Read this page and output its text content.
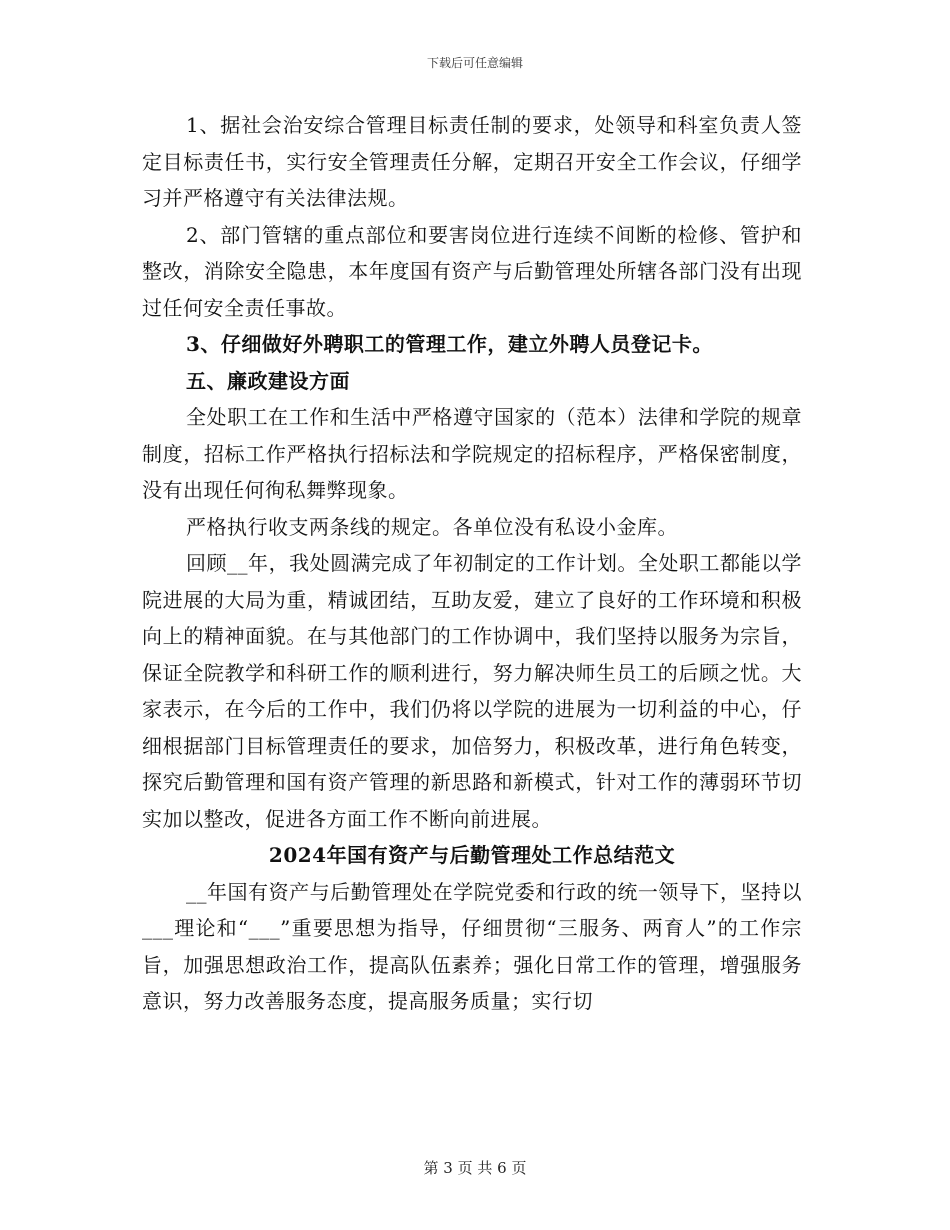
下载后可任意编辑

1、据社会治安综合管理目标责任制的要求，处领导和科室负责人签定目标责任书，实行安全管理责任分解，定期召开安全工作会议，仔细学习并严格遵守有关法律法规。

2、部门管辖的重点部位和要害岗位进行连续不间断的检修、管护和整改，消除安全隐患，本年度国有资产与后勤管理处所辖各部门没有出现过任何安全责任事故。

3、仔细做好外聘职工的管理工作，建立外聘人员登记卡。

五、廉政建设方面

全处职工在工作和生活中严格遵守国家的（范本）法律和学院的规章制度，招标工作严格执行招标法和学院规定的招标程序，严格保密制度，没有出现任何徇私舞弊现象。

严格执行收支两条线的规定。各单位没有私设小金库。

回顾__年，我处圆满完成了年初制定的工作计划。全处职工都能以学院进展的大局为重，精诚团结，互助友爱，建立了良好的工作环境和积极向上的精神面貌。在与其他部门的工作协调中，我们坚持以服务为宗旨，保证全院教学和科研工作的顺利进行，努力解决师生员工的后顾之忧。大家表示，在今后的工作中，我们仍将以学院的进展为一切利益的中心，仔细根据部门目标管理责任的要求，加倍努力，积极改革，进行角色转变，探究后勤管理和国有资产管理的新思路和新模式，针对工作的薄弱环节切实加以整改，促进各方面工作不断向前进展。

2024年国有资产与后勤管理处工作总结范文

__年国有资产与后勤管理处在学院党委和行政的统一领导下，坚持以___理论和“___”重要思想为指导，仔细贯彻“三服务、两育人”的工作宗旨，加强思想政治工作，提高队伍素养；强化日常工作的管理，增强服务意识，努力改善服务态度，提高服务质量；实行切

第 3 页 共 6 页
